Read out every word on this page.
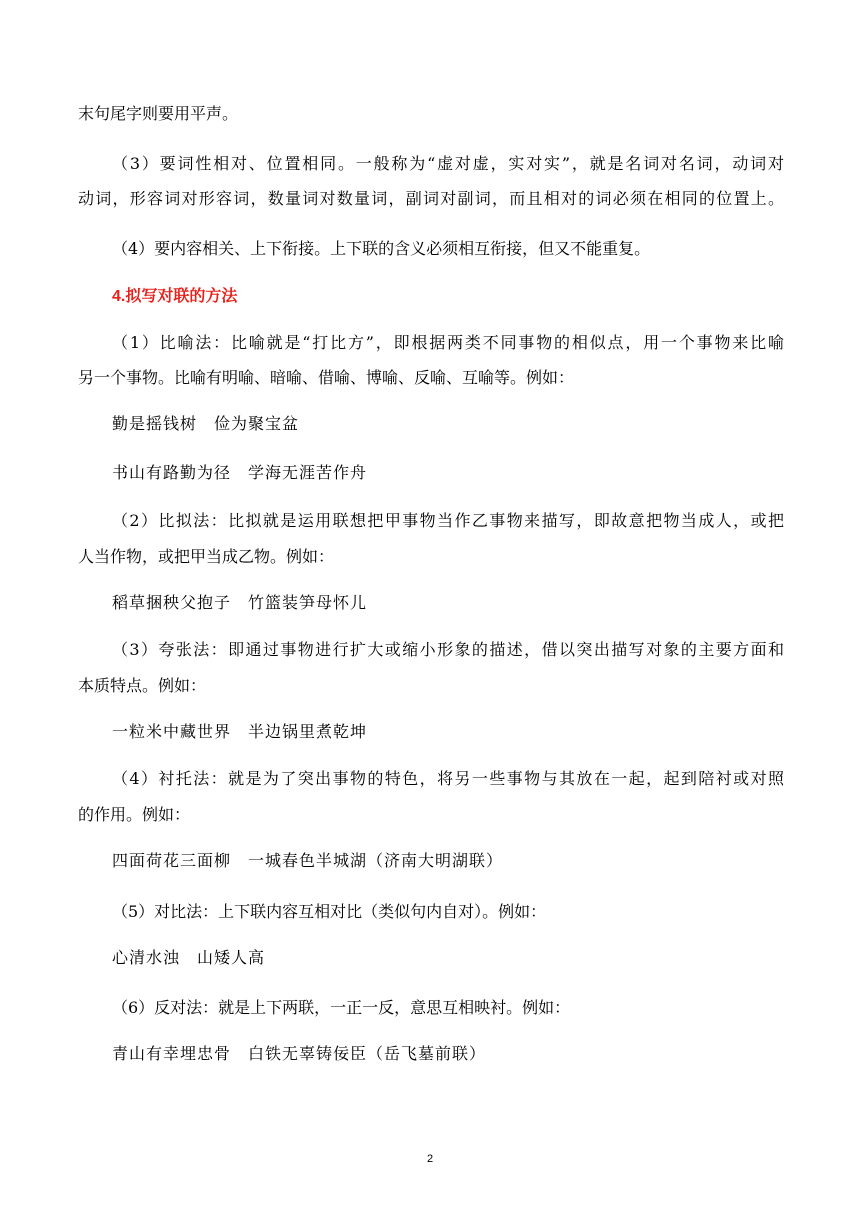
末句尾字则要用平声。
（3）要词性相对、位置相同。一般称为“虚对虚，实对实”，就是名词对名词，动词对
动词，形容词对形容词，数量词对数量词，副词对副词，而且相对的词必须在相同的位置上。
（4）要内容相关、上下衔接。上下联的含义必须相互衔接，但又不能重复。
4.拟写对联的方法
（1）比喻法：比喻就是“打比方”，即根据两类不同事物的相似点，用一个事物来比喻
另一个事物。比喻有明喻、暗喻、借喻、博喻、反喻、互喻等。例如：
勤是摇钱树　俭为聚宝盆
书山有路勤为径　学海无涯苦作舟
（2）比拟法：比拟就是运用联想把甲事物当作乙事物来描写，即故意把物当成人，或把
人当作物，或把甲当成乙物。例如：
稻草捆秧父抱子　竹篮装笋母怀儿
（3）夸张法：即通过事物进行扩大或缩小形象的描述，借以突出描写对象的主要方面和
本质特点。例如：
一粒米中藏世界　半边锅里煮乾坤
（4）衬托法：就是为了突出事物的特色，将另一些事物与其放在一起，起到陪衬或对照
的作用。例如：
四面荷花三面柳　一城春色半城湖（济南大明湖联）
（5）对比法：上下联内容互相对比（类似句内自对）。例如：
心清水浊　山矮人高
（6）反对法：就是上下两联，一正一反，意思互相映衬。例如：
青山有幸埋忠骨　白铁无辜铸佞臣（岳飞墓前联）
2
